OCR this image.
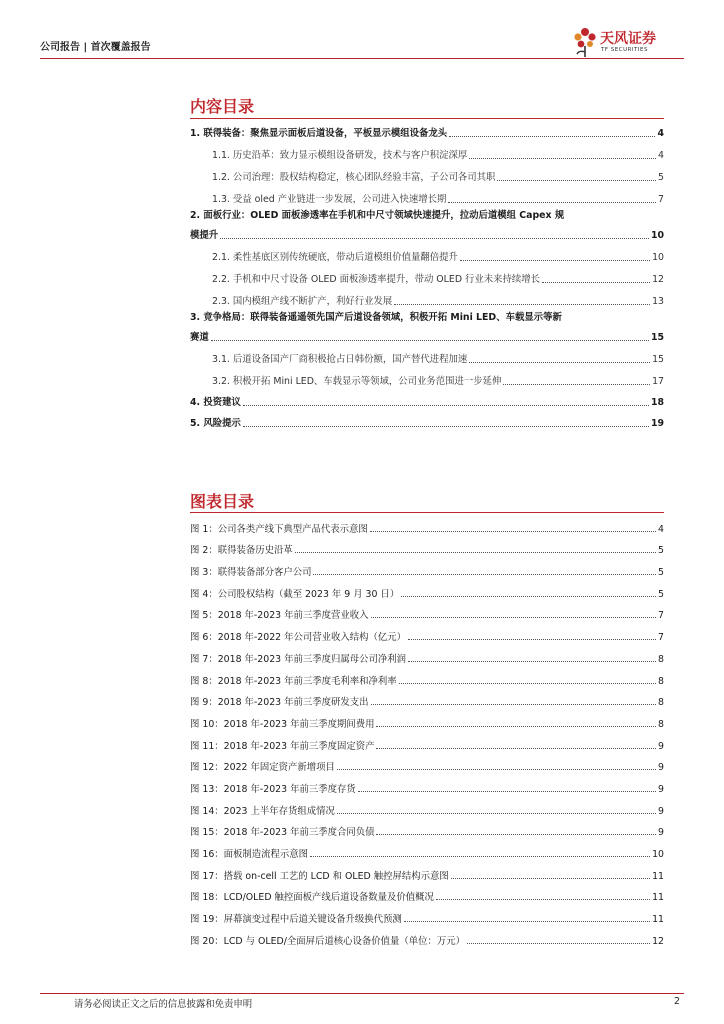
公司报告 | 首次覆盖报告
天风证券
TF SECURITIES
内容目录
1. 联得装备：聚焦显示面板后道设备，平板显示模组设备龙头	4
1.1. 历史沿革：致力显示模组设备研发，技术与客户积淀深厚	4
1.2. 公司治理：股权结构稳定，核心团队经验丰富，子公司各司其职	5
1.3. 受益 oled 产业链进一步发展，公司进入快速增长期	7
2. 面板行业：OLED 面板渗透率在手机和中尺寸领域快速提升，拉动后道模组 Capex 规
模提升	10
2.1. 柔性基底区别传统硬底，带动后道模组价值量翻倍提升	10
2.2. 手机和中尺寸设备 OLED 面板渗透率提升，带动 OLED 行业未来持续增长	12
2.3. 国内模组产线不断扩产，利好行业发展	13
3. 竞争格局：联得装备遥遥领先国产后道设备领域，积极开拓 Mini LED、车载显示等新
赛道	15
3.1. 后道设备国产厂商积极抢占日韩份额，国产替代进程加速	15
3.2. 积极开拓 Mini LED、车载显示等领域，公司业务范围进一步延伸	17
4. 投资建议	18
5. 风险提示	19
图表目录
图 1：公司各类产线下典型产品代表示意图	4
图 2：联得装备历史沿革	5
图 3：联得装备部分客户公司	5
图 4：公司股权结构（截至 2023 年 9 月 30 日）	5
图 5：2018 年-2023 年前三季度营业收入	7
图 6：2018 年-2022 年公司营业收入结构（亿元）	7
图 7：2018 年-2023 年前三季度归属母公司净利润	8
图 8：2018 年-2023 年前三季度毛利率和净利率	8
图 9：2018 年-2023 年前三季度研发支出	8
图 10：2018 年-2023 年前三季度期间费用	8
图 11：2018 年-2023 年前三季度固定资产	9
图 12：2022 年固定资产新增项目	9
图 13：2018 年-2023 年前三季度存货	9
图 14：2023 上半年存货组成情况	9
图 15：2018 年-2023 年前三季度合同负债	9
图 16：面板制造流程示意图	10
图 17：搭载 on-cell 工艺的 LCD 和 OLED 触控屏结构示意图	11
图 18：LCD/OLED 触控面板产线后道设备数量及价值概况	11
图 19：屏幕演变过程中后道关键设备升级换代预测	11
图 20：LCD 与 OLED/全面屏后道核心设备价值量（单位：万元）	12
请务必阅读正文之后的信息披露和免责申明	2
